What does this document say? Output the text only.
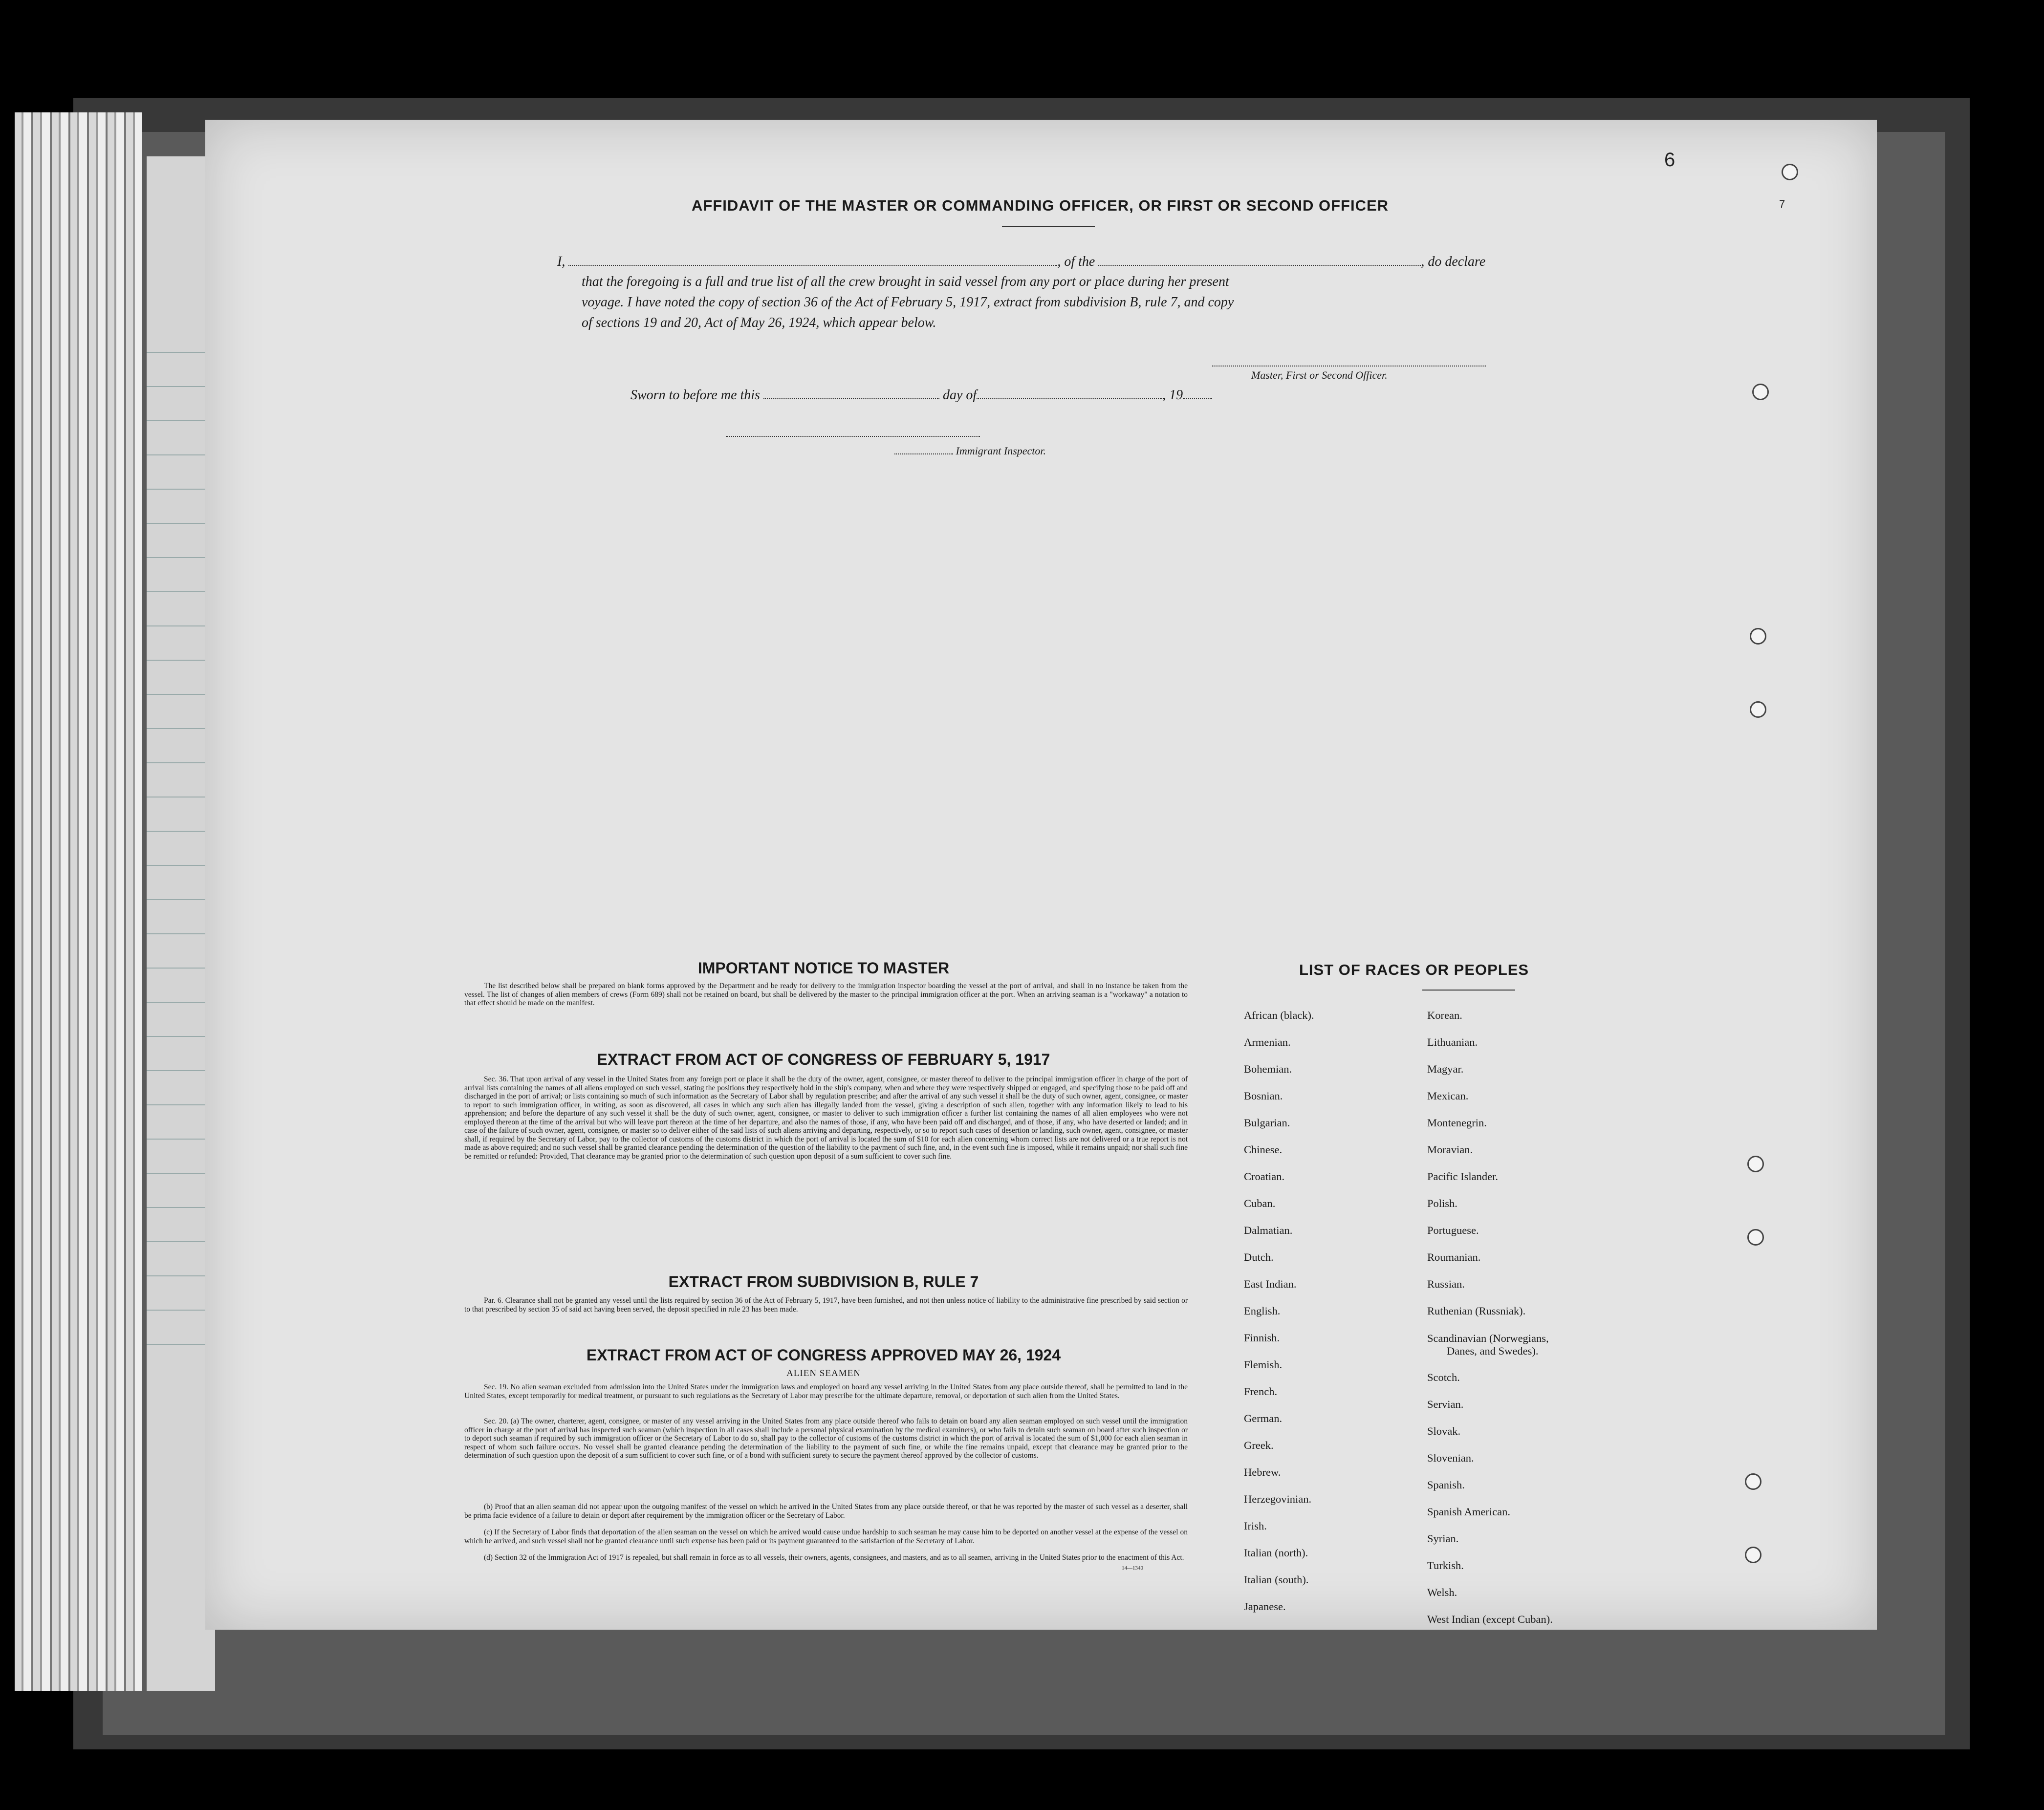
6
7
AFFIDAVIT OF THE MASTER OR COMMANDING OFFICER, OR FIRST OR SECOND OFFICER
I,	, of the	, do declare
that the foregoing is a full and true list of all the crew brought in said vessel from any port or place during her present
voyage. I have noted the copy of section 36 of the Act of February 5, 1917, extract from subdivision B, rule 7, and copy
of sections 19 and 20, Act of May 26, 1924, which appear below.
Master, First or Second Officer.
Sworn to before me this	day of	, 19
Immigrant Inspector.
IMPORTANT NOTICE TO MASTER
The list described below shall be prepared on blank forms approved by the Department and be ready for delivery to the immigration inspector boarding the vessel at the port of arrival, and shall in no instance be taken from the vessel. The list of changes of alien members of crews (Form 689) shall not be retained on board, but shall be delivered by the master to the principal immigration officer at the port. When an arriving seaman is a "workaway" a notation to that effect should be made on the manifest.
EXTRACT FROM ACT OF CONGRESS OF FEBRUARY 5, 1917
Sec. 36. That upon arrival of any vessel in the United States from any foreign port or place it shall be the duty of the owner, agent, consignee, or master thereof to deliver to the principal immigration officer in charge of the port of arrival lists containing the names of all aliens employed on such vessel, stating the positions they respectively hold in the ship's company, when and where they were respectively shipped or engaged, and specifying those to be paid off and discharged in the port of arrival; or lists containing so much of such information as the Secretary of Labor shall by regulation prescribe; and after the arrival of any such vessel it shall be the duty of such owner, agent, consignee, or master to report to such immigration officer, in writing, as soon as discovered, all cases in which any such alien has illegally landed from the vessel, giving a description of such alien, together with any information likely to lead to his apprehension; and before the departure of any such vessel it shall be the duty of such owner, agent, consignee, or master to deliver to such immigration officer a further list containing the names of all alien employees who were not employed thereon at the time of the arrival but who will leave port thereon at the time of her departure, and also the names of those, if any, who have been paid off and discharged, and of those, if any, who have deserted or landed; and in case of the failure of such owner, agent, consignee, or master so to deliver either of the said lists of such aliens arriving and departing, respectively, or so to report such cases of desertion or landing, such owner, agent, consignee, or master shall, if required by the Secretary of Labor, pay to the collector of customs of the customs district in which the port of arrival is located the sum of $10 for each alien concerning whom correct lists are not delivered or a true report is not made as above required; and no such vessel shall be granted clearance pending the determination of the question of the liability to the payment of such fine, and, in the event such fine is imposed, while it remains unpaid; nor shall such fine be remitted or refunded: Provided, That clearance may be granted prior to the determination of such question upon deposit of a sum sufficient to cover such fine.
EXTRACT FROM SUBDIVISION B, RULE 7
Par. 6. Clearance shall not be granted any vessel until the lists required by section 36 of the Act of February 5, 1917, have been furnished, and not then unless notice of liability to the administrative fine prescribed by said section or to that prescribed by section 35 of said act having been served, the deposit specified in rule 23 has been made.
EXTRACT FROM ACT OF CONGRESS APPROVED MAY 26, 1924
ALIEN SEAMEN
Sec. 19. No alien seaman excluded from admission into the United States under the immigration laws and employed on board any vessel arriving in the United States from any place outside thereof, shall be permitted to land in the United States, except temporarily for medical treatment, or pursuant to such regulations as the Secretary of Labor may prescribe for the ultimate departure, removal, or deportation of such alien from the United States.
Sec. 20. (a) The owner, charterer, agent, consignee, or master of any vessel arriving in the United States from any place outside thereof who fails to detain on board any alien seaman employed on such vessel until the immigration officer in charge at the port of arrival has inspected such seaman (which inspection in all cases shall include a personal physical examination by the medical examiners), or who fails to detain such seaman on board after such inspection or to deport such seaman if required by such immigration officer or the Secretary of Labor to do so, shall pay to the collector of customs of the customs district in which the port of arrival is located the sum of $1,000 for each alien seaman in respect of whom such failure occurs. No vessel shall be granted clearance pending the determination of the liability to the payment of such fine, or while the fine remains unpaid, except that clearance may be granted prior to the determination of such question upon the deposit of a sum sufficient to cover such fine, or of a bond with sufficient surety to secure the payment thereof approved by the collector of customs.
(b) Proof that an alien seaman did not appear upon the outgoing manifest of the vessel on which he arrived in the United States from any place outside thereof, or that he was reported by the master of such vessel as a deserter, shall be prima facie evidence of a failure to detain or deport after requirement by the immigration officer or the Secretary of Labor.
(c) If the Secretary of Labor finds that deportation of the alien seaman on the vessel on which he arrived would cause undue hardship to such seaman he may cause him to be deported on another vessel at the expense of the vessel on which he arrived, and such vessel shall not be granted clearance until such expense has been paid or its payment guaranteed to the satisfaction of the Secretary of Labor.
(d) Section 32 of the Immigration Act of 1917 is repealed, but shall remain in force as to all vessels, their owners, agents, consignees, and masters, and as to all seamen, arriving in the United States prior to the enactment of this Act.
14—1340
LIST OF RACES OR PEOPLES
African (black).
Armenian.
Bohemian.
Bosnian.
Bulgarian.
Chinese.
Croatian.
Cuban.
Dalmatian.
Dutch.
East Indian.
English.
Finnish.
Flemish.
French.
German.
Greek.
Hebrew.
Herzegovinian.
Irish.
Italian (north).
Italian (south).
Japanese.
Korean.
Lithuanian.
Magyar.
Mexican.
Montenegrin.
Moravian.
Pacific Islander.
Polish.
Portuguese.
Roumanian.
Russian.
Ruthenian (Russniak).
Scandinavian (Norwegians,
Danes, and Swedes).
Scotch.
Servian.
Slovak.
Slovenian.
Spanish.
Spanish American.
Syrian.
Turkish.
Welsh.
West Indian (except Cuban).
